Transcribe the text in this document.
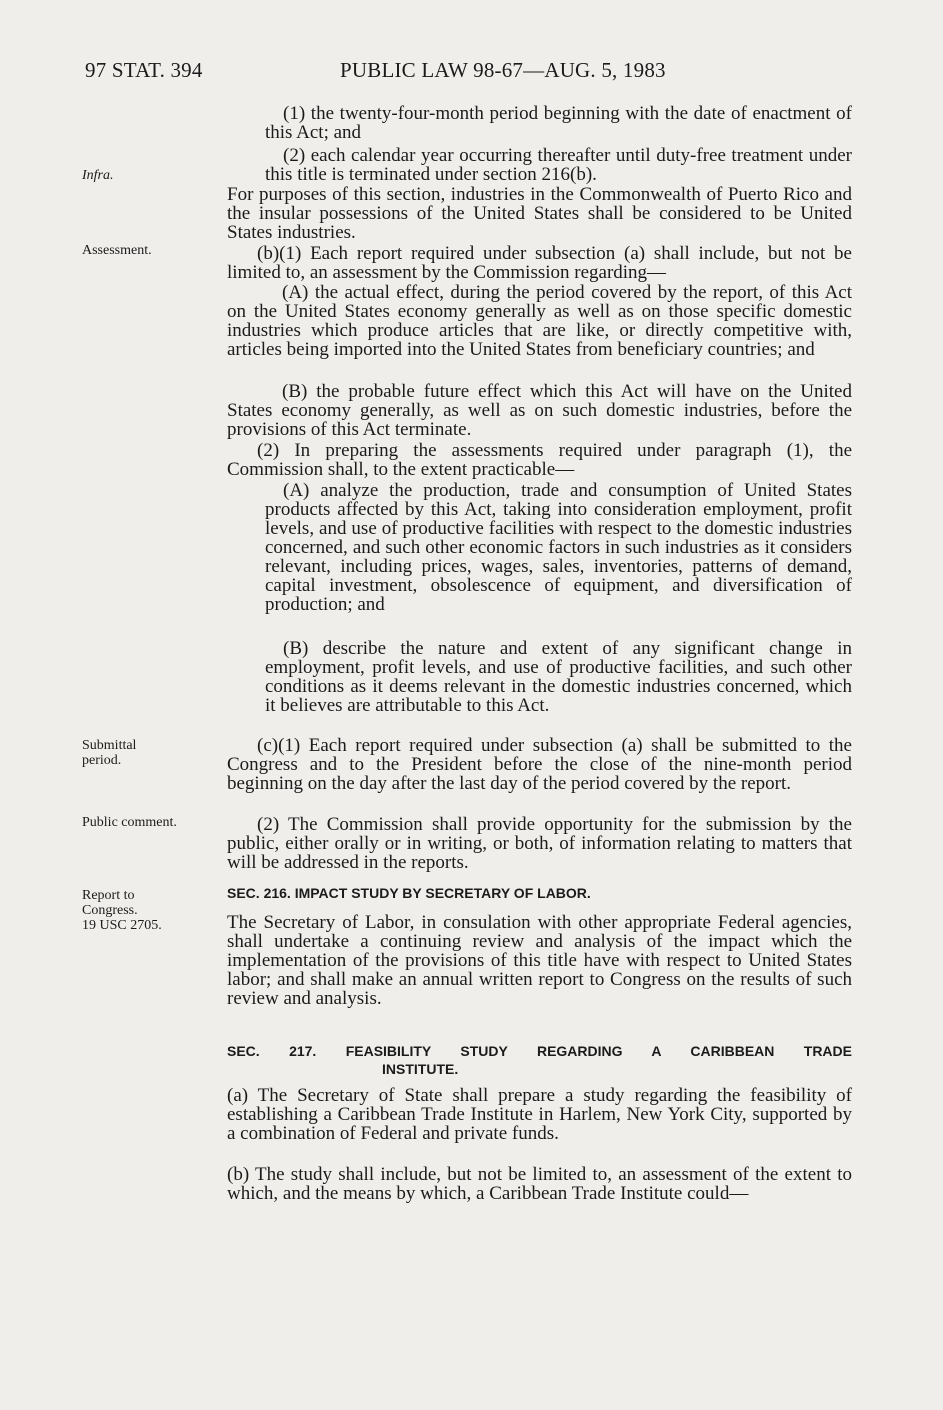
97 STAT. 394	PUBLIC LAW 98-67—AUG. 5, 1983
Infra.
Assessment.
Submittal
period.
Public comment.
Report to
Congress.
19 USC 2705.

(1) the twenty-four-month period beginning with the date of enactment of this Act; and

(2) each calendar year occurring thereafter until duty-free treatment under this title is terminated under section 216(b).

For purposes of this section, industries in the Commonwealth of Puerto Rico and the insular possessions of the United States shall be considered to be United States industries.

(b)(1) Each report required under subsection (a) shall include, but not be limited to, an assessment by the Commission regarding—

(A) the actual effect, during the period covered by the report, of this Act on the United States economy generally as well as on those specific domestic industries which produce articles that are like, or directly competitive with, articles being imported into the United States from beneficiary countries; and

(B) the probable future effect which this Act will have on the United States economy generally, as well as on such domestic industries, before the provisions of this Act terminate.

(2) In preparing the assessments required under paragraph (1), the Commission shall, to the extent practicable—

(A) analyze the production, trade and consumption of United States products affected by this Act, taking into consideration employment, profit levels, and use of productive facilities with respect to the domestic industries concerned, and such other economic factors in such industries as it considers relevant, including prices, wages, sales, inventories, patterns of demand, capital investment, obsolescence of equipment, and diversification of production; and

(B) describe the nature and extent of any significant change in employment, profit levels, and use of productive facilities, and such other conditions as it deems relevant in the domestic industries concerned, which it believes are attributable to this Act.

(c)(1) Each report required under subsection (a) shall be submitted to the Congress and to the President before the close of the nine-month period beginning on the day after the last day of the period covered by the report.

(2) The Commission shall provide opportunity for the submission by the public, either orally or in writing, or both, of information relating to matters that will be addressed in the reports.

SEC. 216. IMPACT STUDY BY SECRETARY OF LABOR.

The Secretary of Labor, in consulation with other appropriate Federal agencies, shall undertake a continuing review and analysis of the impact which the implementation of the provisions of this title have with respect to United States labor; and shall make an annual written report to Congress on the results of such review and analysis.

SEC. 217. FEASIBILITY STUDY REGARDING A CARIBBEAN TRADE

INSTITUTE.

(a) The Secretary of State shall prepare a study regarding the feasibility of establishing a Caribbean Trade Institute in Harlem, New York City, supported by a combination of Federal and private funds.

(b) The study shall include, but not be limited to, an assessment of the extent to which, and the means by which, a Caribbean Trade Institute could—
